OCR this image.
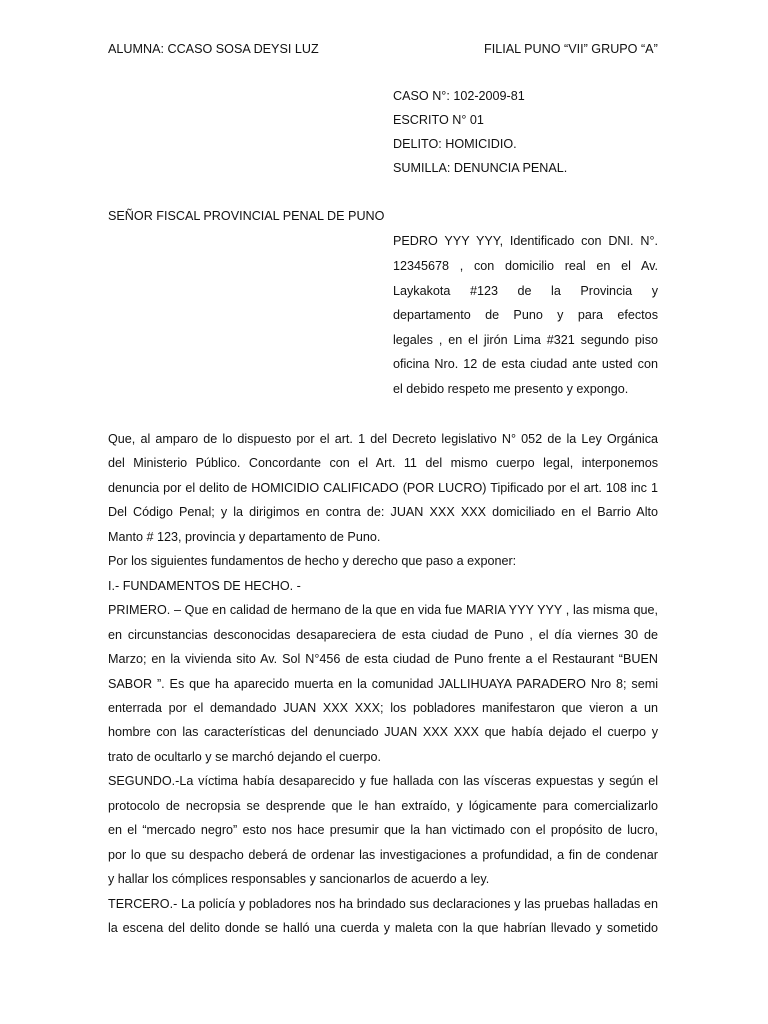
ALUMNA: CCASO SOSA DEYSI LUZ	FILIAL PUNO “VII” GRUPO “A”
CASO N°: 102-2009-81
ESCRITO N° 01
DELITO: HOMICIDIO.
SUMILLA: DENUNCIA PENAL.
SEÑOR FISCAL PROVINCIAL PENAL DE PUNO
PEDRO YYY YYY, Identificado con DNI. N°.
12345678 , con domicilio real en el Av.
Laykakota #123 de la Provincia y
departamento de Puno y para efectos
legales , en el jirón Lima #321 segundo piso
oficina Nro. 12 de esta ciudad ante usted con
el debido respeto me presento y expongo.
Que, al amparo de lo dispuesto por el art. 1 del Decreto legislativo N° 052 de la Ley Orgánica
del Ministerio Público. Concordante con el Art. 11 del mismo cuerpo legal, interponemos
denuncia por el delito de HOMICIDIO CALIFICADO (POR LUCRO) Tipificado por el art. 108 inc 1
Del Código Penal; y la dirigimos en contra de: JUAN XXX XXX domiciliado en el Barrio Alto
Manto # 123, provincia y departamento de Puno.
Por los siguientes fundamentos de hecho y derecho que paso a exponer:
I.- FUNDAMENTOS DE HECHO. -
PRIMERO. – Que en calidad de hermano de la que en vida fue MARIA YYY YYY , las misma que,
en circunstancias desconocidas desapareciera de esta ciudad de Puno , el día viernes 30 de
Marzo; en la vivienda sito Av. Sol N°456 de esta ciudad de Puno frente a el Restaurant “BUEN
SABOR ”. Es que ha aparecido muerta en la comunidad JALLIHUAYA PARADERO Nro 8; semi
enterrada por el demandado JUAN XXX XXX; los pobladores manifestaron que vieron a un
hombre con las características del denunciado JUAN XXX XXX que había dejado el cuerpo y
trato de ocultarlo y se marchó dejando el cuerpo.
SEGUNDO.-La víctima había desaparecido y fue hallada con las vísceras expuestas y según el
protocolo de necropsia se desprende que le han extraído, y lógicamente para comercializarlo
en el “mercado negro” esto nos hace presumir que la han victimado con el propósito de lucro,
por lo que su despacho deberá de ordenar las investigaciones a profundidad, a fin de condenar
y hallar los cómplices responsables y sancionarlos de acuerdo a ley.
TERCERO.- La policía y pobladores nos ha brindado sus declaraciones y las pruebas halladas en
la escena del delito donde se halló una cuerda y maleta con la que habrían llevado y sometido
